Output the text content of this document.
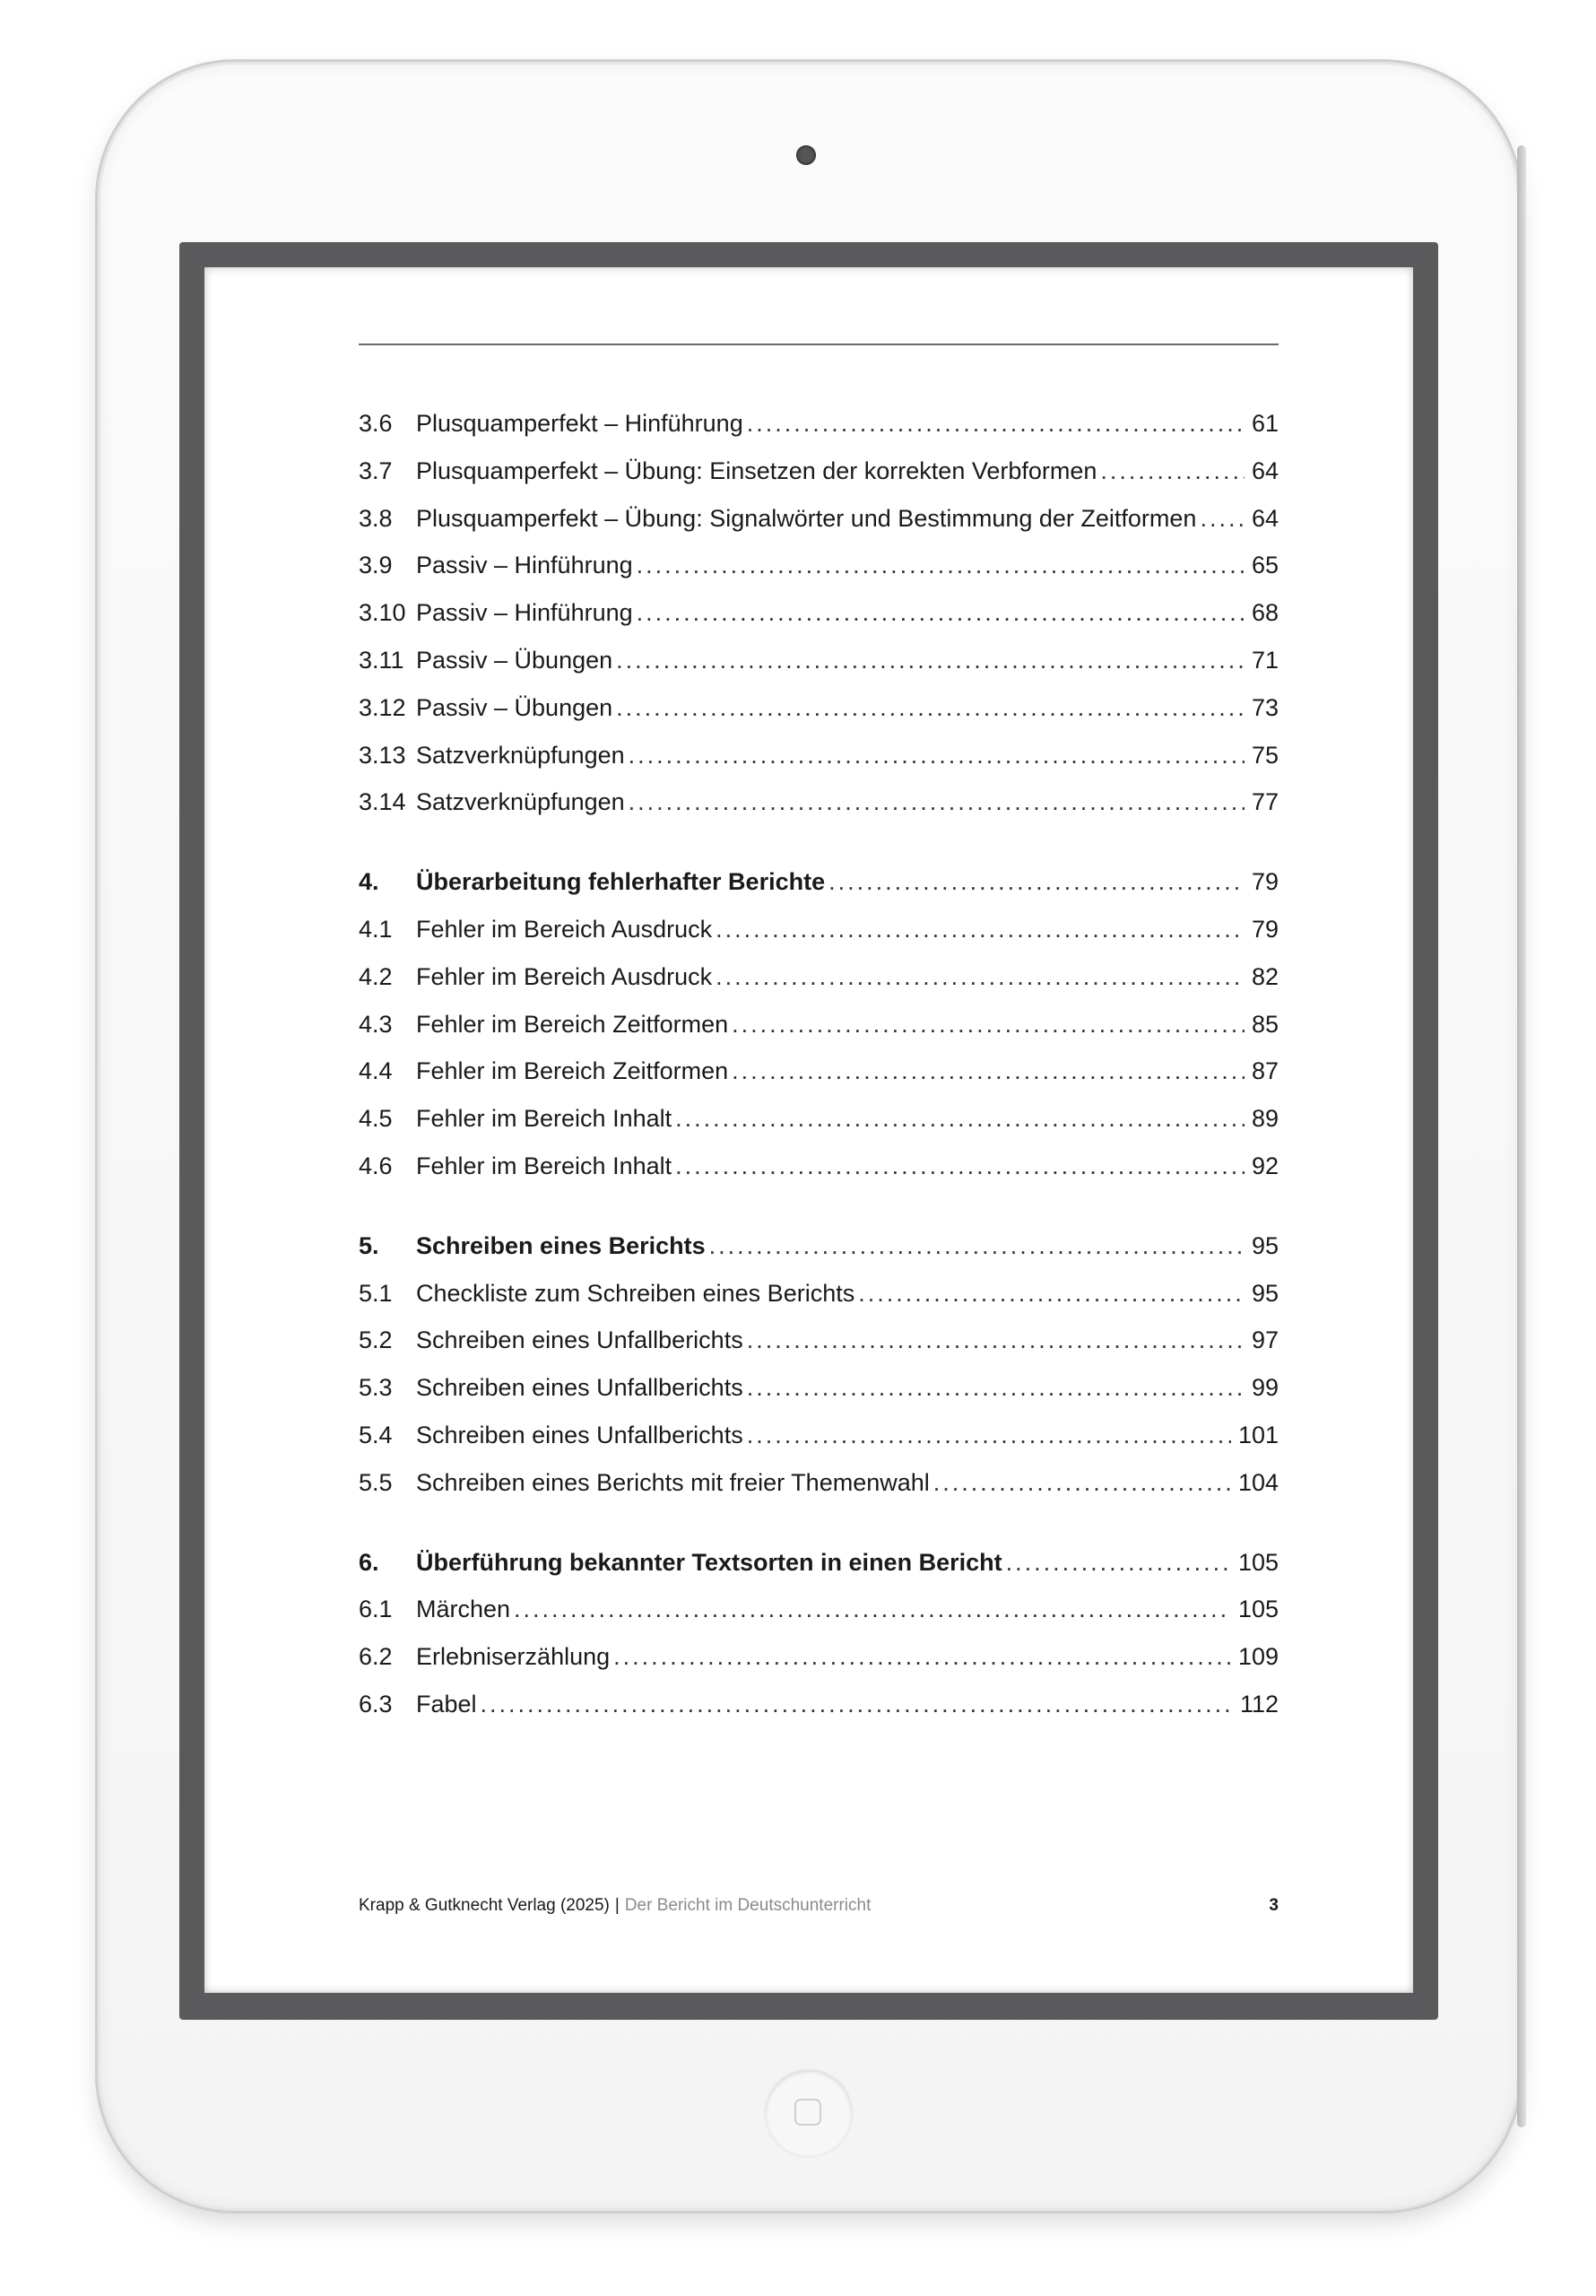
3.6 Plusquamperfekt – Hinführung .....	61
3.7 Plusquamperfekt – Übung: Einsetzen der korrekten Verbformen .....	64
3.8 Plusquamperfekt – Übung: Signalwörter und Bestimmung der Zeitformen ..... 64
3.9 Passiv – Hinführung .....	65
3.10 Passiv – Hinführung .....	68
3.11 Passiv – Übungen .....	71
3.12 Passiv – Übungen .....	73
3.13 Satzverknüpfungen .....	75
3.14 Satzverknüpfungen .....	77
4.	Überarbeitung fehlerhafter Berichte .....	79
4.1 Fehler im Bereich Ausdruck .....	79
4.2 Fehler im Bereich Ausdruck .....	82
4.3 Fehler im Bereich Zeitformen .....	85
4.4 Fehler im Bereich Zeitformen .....	87
4.5 Fehler im Bereich Inhalt .....	89
4.6 Fehler im Bereich Inhalt .....	92
5.	Schreiben eines Berichts .....	95
5.1 Checkliste zum Schreiben eines Berichts .....	95
5.2 Schreiben eines Unfallberichts .....	97
5.3 Schreiben eines Unfallberichts .....	99
5.4 Schreiben eines Unfallberichts .....	101
5.5 Schreiben eines Berichts mit freier Themenwahl .....	104
6.	Überführung bekannter Textsorten in einen Bericht .....	105
6.1 Märchen .....	105
6.2 Erlebniserzählung .....	109
6.3 Fabel .....	112
Krapp & Gutknecht Verlag (2025) | Der Bericht im Deutschunterricht	3
